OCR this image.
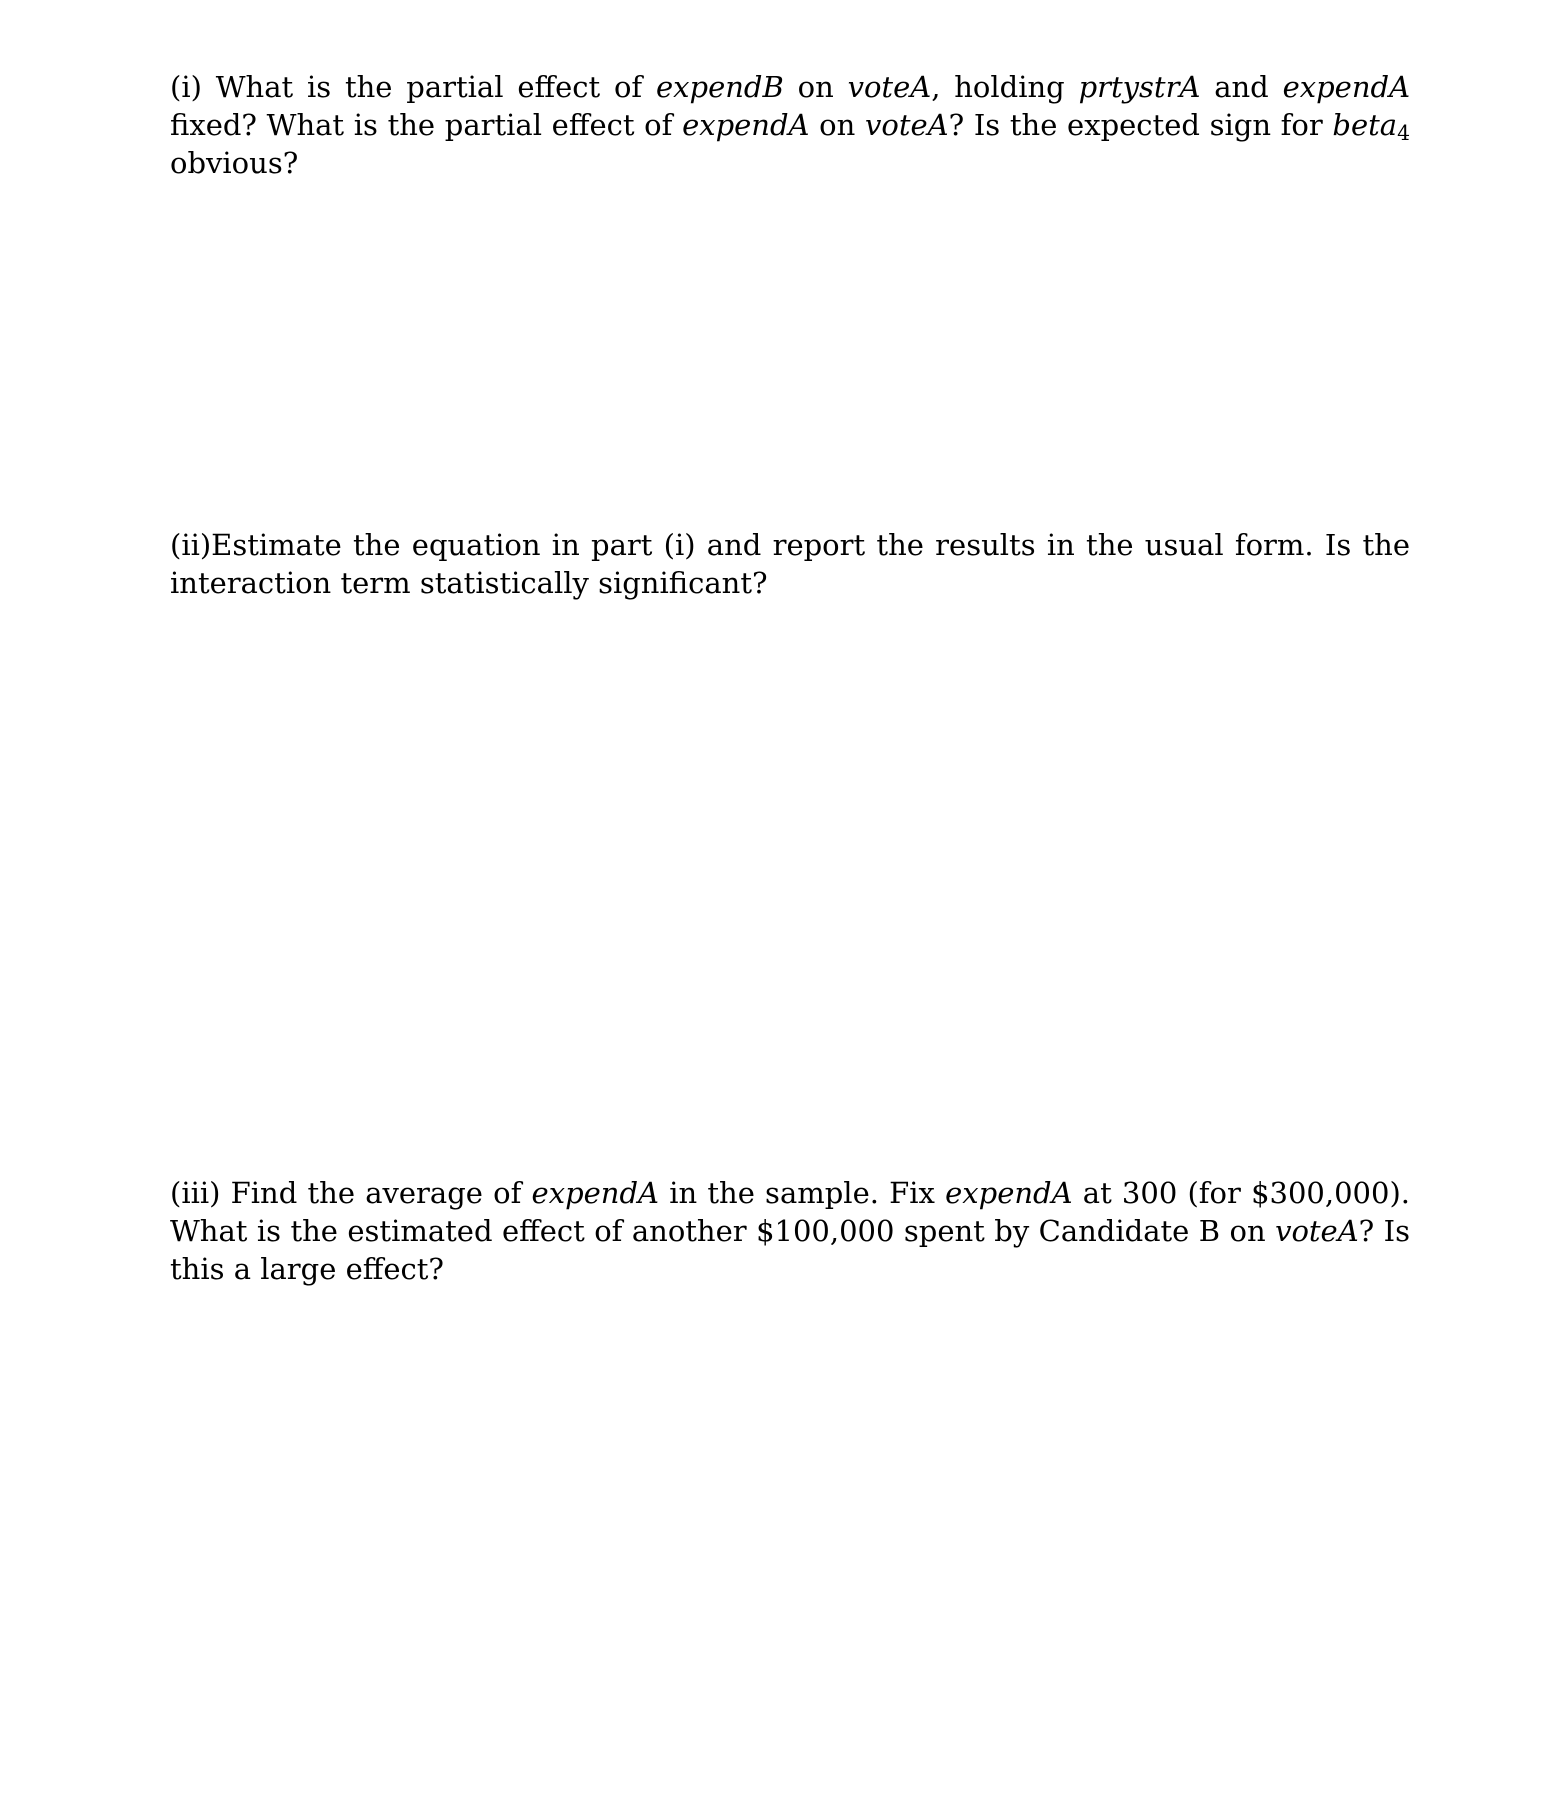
(i) What is the partial effect of expendB on voteA, holding prtystrA and expendA fixed? What is the partial effect of expendA on voteA? Is the expected sign for beta$_4$ obvious?
(ii)Estimate the equation in part (i) and report the results in the usual form. Is the interaction term statistically significant?
(iii) Find the average of expendA in the sample. Fix expendA at 300 (for $300,000). What is the estimated effect of another $100,000 spent by Candidate B on voteA? Is this a large effect?
